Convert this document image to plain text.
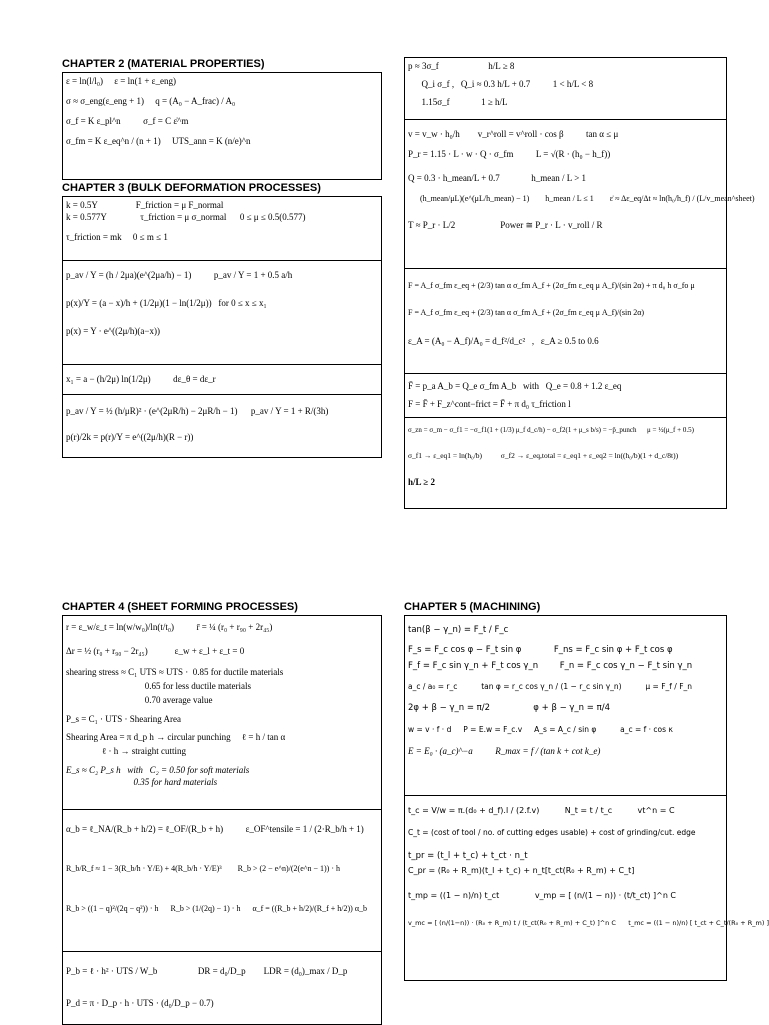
CHAPTER 2 (MATERIAL PROPERTIES)

ε = ln(l/l₀)     ε = ln(1 + ε_eng)

σ ≈ σ_eng(ε_eng + 1)     q = (A₀ − A_frac) / A₀

σ_f = K ε_pl^n          σ_f = C ε̇^m

σ_fm = K ε_eq^n / (n + 1)     UTS_ann = K (n/e)^n

CHAPTER 3 (BULK DEFORMATION PROCESSES)

k = 0.5Y                 F_friction = μ F_normal

k = 0.577Y               τ_friction = μ σ_normal      0 ≤ μ ≤ 0.5(0.577)

τ_friction = mk     0 ≤ m ≤ 1

p_av / Y = (h / 2μa)(e^(2μa/h) − 1)          p_av / Y = 1 + 0.5 a/h

p(x)/Y = (a − x)/h + (1/2μ)(1 − ln(1/2μ))   for 0 ≤ x ≤ x₁

p(x) = Y · e^((2μ/h)(a−x))

x₁ = a − (h/2μ) ln(1/2μ)          dε_θ = dε_r

p_av / Y = ½ (h/μR)² · (e^(2μR/h) − 2μR/h − 1)      p_av / Y = 1 + R/(3h)

p(r)/2k = p(r)/Y = e^((2μ/h)(R − r))

p ≈ 3σ_f                      h/L ≥ 8

Q_i σ_f ,   Q_i ≈ 0.3 h/L + 0.7          1 < h/L < 8

1.15σ_f              1 ≥ h/L

v = v_w · h₀/h        v_r^roll = v^roll · cos β          tan α ≤ μ

P_r = 1.15 · L · w · Q · σ_fm          L = √(R · (h₀ − h_f))

Q = 0.3 · h_mean/L + 0.7              h_mean / L > 1

(h_mean/μL)(e^(μL/h_mean) − 1)        h_mean / L ≤ 1        ε̇ ≈ Δε_eq/Δt ≈ ln(h₀/h_f) / (L/v_mean^sheet)

T ≈ P_r · L/2                    Power ≅ P_r · L · v_roll / R

F = A_f σ_fm ε_eq + (2/3) tan α σ_fm A_f + (2σ_fm ε_eq μ A_f)/(sin 2α) + π d₀ h σ_fo μ

F = A_f σ_fm ε_eq + (2/3) tan α σ_fm A_f + (2σ_fm ε_eq μ A_f)/(sin 2α)

ε_A = (A₀ − A_f)/A₀ = d_f²/d_c²   ,   ε_A ≥ 0.5 to 0.6

F̄ = p_a A_b = Q_e σ_fm A_b   with   Q_e = 0.8 + 1.2 ε_eq

F = F̄ + F_z^cont−frict = F̄ + π d₀ τ_friction l

σ_zn = σ_m − σ_f1 = −σ_f1(1 + (1/3) μ_f d_c/h) − σ_f2(1 + μ_s b/s) = −p̄_punch      μ = ½(μ_f + 0.5)

σ_f1 → ε_eq1 = ln(h₀/b)          σ_f2 → ε_eq,total = ε_eq1 + ε_eq2 = ln((h₀/b)(1 + d_c/8t))

h/L ≥ 2

CHAPTER 4 (SHEET FORMING PROCESSES)

r = ε_w/ε_t = ln(w/w₀)/ln(t/t₀)          r̄ = ¼ (r₀ + r₉₀ + 2r₄₅)

Δr = ½ (r₀ + r₉₀ − 2r₄₅)            ε_w + ε_l + ε_t = 0

shearing stress ≈ C₁ UTS ≈ UTS ·  0.85 for ductile materials

0.65 for less ductile materials

0.70 average value

P_s = C₁ · UTS · Shearing Area

Shearing Area = π d_p h → circular punching     ℓ = h / tan α

ℓ · h → straight cutting

E_s ≈ C₂ P_s h   with   C₂ = 0.50 for soft materials

0.35 for hard materials

α_b = ℓ_NA/(R_b + h/2) = ℓ_OF/(R_b + h)          ε_OF^tensile = 1 / (2·R_b/h + 1)

R_b/R_f ≈ 1 − 3(R_b/h · Y/E) + 4(R_b/h · Y/E)³        R_b > (2 − e^n)/(2(e^n − 1)) · h

R_b > ((1 − q)²/(2q − q²)) · h      R_b > (1/(2q) − 1) · h      α_f = ((R_b + h/2)/(R_f + h/2)) α_b

P_b = ℓ · h² · UTS / W_b                  DR = d₀/D_p        LDR = (d₀)_max / D_p

P_d = π · D_p · h · UTS · (d₀/D_p − 0.7)

CHAPTER 5 (MACHINING)

tan(β − γ_n) = F_t / F_c

F_s = F_c cos φ − F_t sin φ            F_ns = F_c sin φ + F_t cos φ

F_f = F_c sin γ_n + F_t cos γ_n        F_n = F_c cos γ_n − F_t sin γ_n

a_c / a₀ = r_c          tan φ = r_c cos γ_n / (1 − r_c sin γ_n)          μ = F_f / F_n

2φ + β − γ_n = π/2                φ + β − γ_n = π/4

w = v · f · d     P = E.w = F_c.v     A_s = A_c / sin φ          a_c = f · cos κ

E = E₀ · (a_c)^−a          R_max = f / (tan k + cot k_e)

t_c = V/w = π.(d₀ + d_f).l / (2.f.v)          N_t = t / t_c          vt^n = C

C_t = (cost of tool / no. of cutting edges usable) + cost of grinding/cut. edge

t_pr = (t_l + t_c) + t_ct · n_t

C_pr = (R₀ + R_m)(t_l + t_c) + n_t[t_ct(R₀ + R_m) + C_t]

t_mp = ((1 − n)/n) t_ct              v_mp = [ (n/(1 − n)) · (t/t_ct) ]^n C

v_mc = [ (n/(1−n)) · (R₀ + R_m) t / (t_ct(R₀ + R_m) + C_t) ]^n C      t_mc = ((1 − n)/n) [ t_ct + C_t/(R₀ + R_m) ]
